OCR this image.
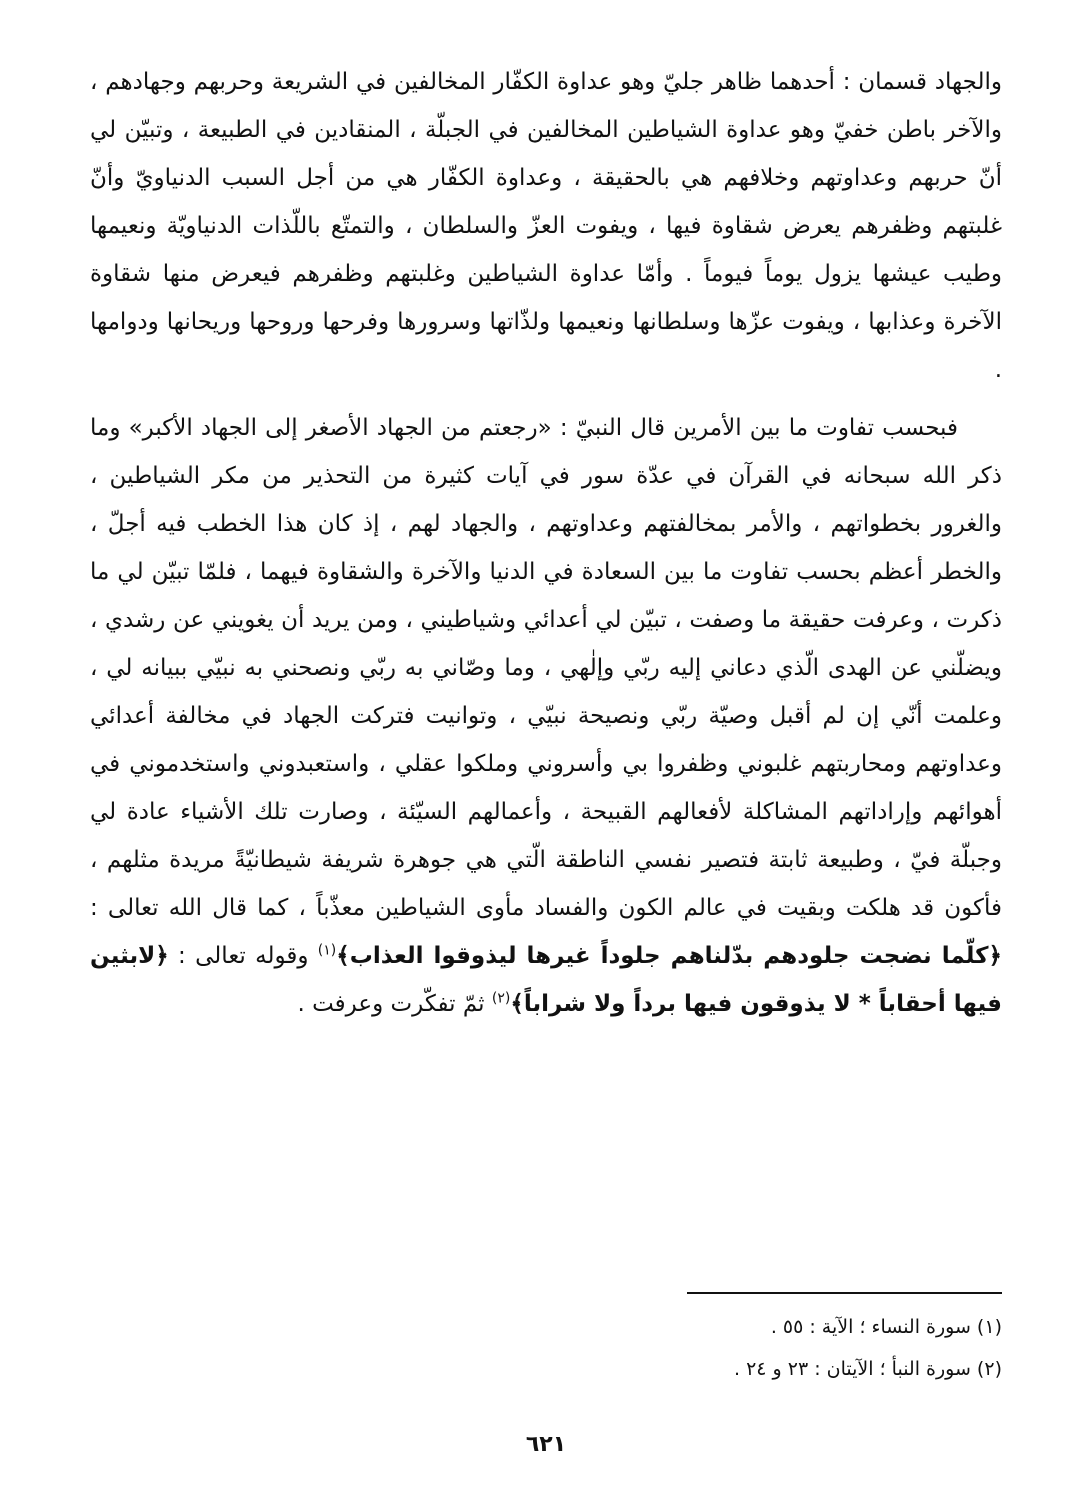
والجهاد قسمان : أحدهما ظاهر جليّ وهو عداوة الكفّار المخالفين في الشريعة وحربهم وجهادهم ، والآخر باطن خفيّ وهو عداوة الشياطين المخالفين في الجبلّة ، المنقادين في الطبيعة ، وتبيّن لي أنّ حربهم وعداوتهم وخلافهم هي بالحقيقة ، وعداوة الكفّار هي من أجل السبب الدنياويّ وأنّ غلبتهم وظفرهم يعرض شقاوة فيها ، ويفوت العزّ والسلطان ، والتمتّع باللّذات الدنياويّة ونعيمها وطيب عيشها يزول يوماً فيوماً . وأمّا عداوة الشياطين وغلبتهم وظفرهم فيعرض منها شقاوة الآخرة وعذابها ، ويفوت عزّها وسلطانها ونعيمها ولذّاتها وسرورها وفرحها وروحها وريحانها ودوامها .

فبحسب تفاوت ما بين الأمرين قال النبيّ : «رجعتم من الجهاد الأصغر إلى الجهاد الأكبر» وما ذكر الله سبحانه في القرآن في عدّة سور في آيات كثيرة من التحذير من مكر الشياطين ، والغرور بخطواتهم ، والأمر بمخالفتهم وعداوتهم ، والجهاد لهم ، إذ كان هذا الخطب فيه أجلّ ، والخطر أعظم بحسب تفاوت ما بين السعادة في الدنيا والآخرة والشقاوة فيهما ، فلمّا تبيّن لي ما ذكرت ، وعرفت حقيقة ما وصفت ، تبيّن لي أعدائي وشياطيني ، ومن يريد أن يغويني عن رشدي ، ويضلّني عن الهدى الّذي دعاني إليه ربّي وإلٰهي ، وما وصّاني به ربّي ونصحني به نبيّي ببيانه لي ، وعلمت أنّي إن لم أقبل وصيّة ربّي ونصيحة نبيّي ، وتوانيت فتركت الجهاد في مخالفة أعدائي وعداوتهم ومحاربتهم غلبوني وظفروا بي وأسروني وملكوا عقلي ، واستعبدوني واستخدموني في أهوائهم وإراداتهم المشاكلة لأفعالهم القبيحة ، وأعمالهم السيّئة ، وصارت تلك الأشياء عادة لي وجبلّة فيّ ، وطبيعة ثابتة فتصير نفسي الناطقة الّتي هي جوهرة شريفة شيطانيّةً مريدة مثلهم ، فأكون قد هلكت وبقيت في عالم الكون والفساد مأوى الشياطين معذّباً ، كما قال الله تعالى : ﴿كلّما نضجت جلودهم بدّلناهم جلوداً غيرها ليذوقوا العذاب﴾$^{(١)}$ وقوله تعالى : ﴿لابثين فيها أحقاباً * لا يذوقون فيها برداً ولا شراباً﴾$^{(٢)}$ ثمّ تفكّرت وعرفت .

(١) سورة النساء ؛ الآية : ٥٥ .

(٢) سورة النبأ ؛ الآيتان : ٢٣ و ٢٤ .

٦٢١
